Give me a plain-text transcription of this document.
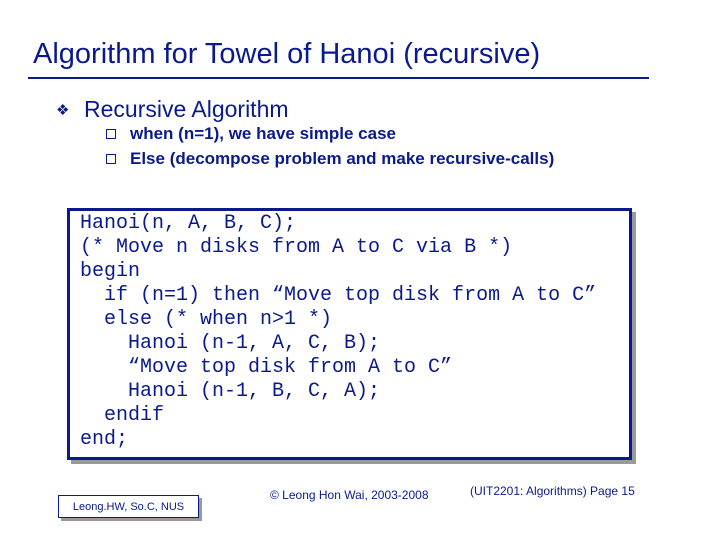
Algorithm for Towel of Hanoi (recursive)
❖ Recursive Algorithm
when (n=1), we have simple case
Else (decompose problem and make recursive-calls)
Hanoi(n, A, B, C);
(* Move n disks from A to C via B *)
begin
if (n=1) then “Move top disk from A to C”
else (* when n>1 *)
Hanoi (n-1, A, C, B);
“Move top disk from A to C”
Hanoi (n-1, B, C, A);
endif
end;
Leong.HW, So.C, NUS
© Leong Hon Wai, 2003-2008	(UIT2201: Algorithms) Page 15
